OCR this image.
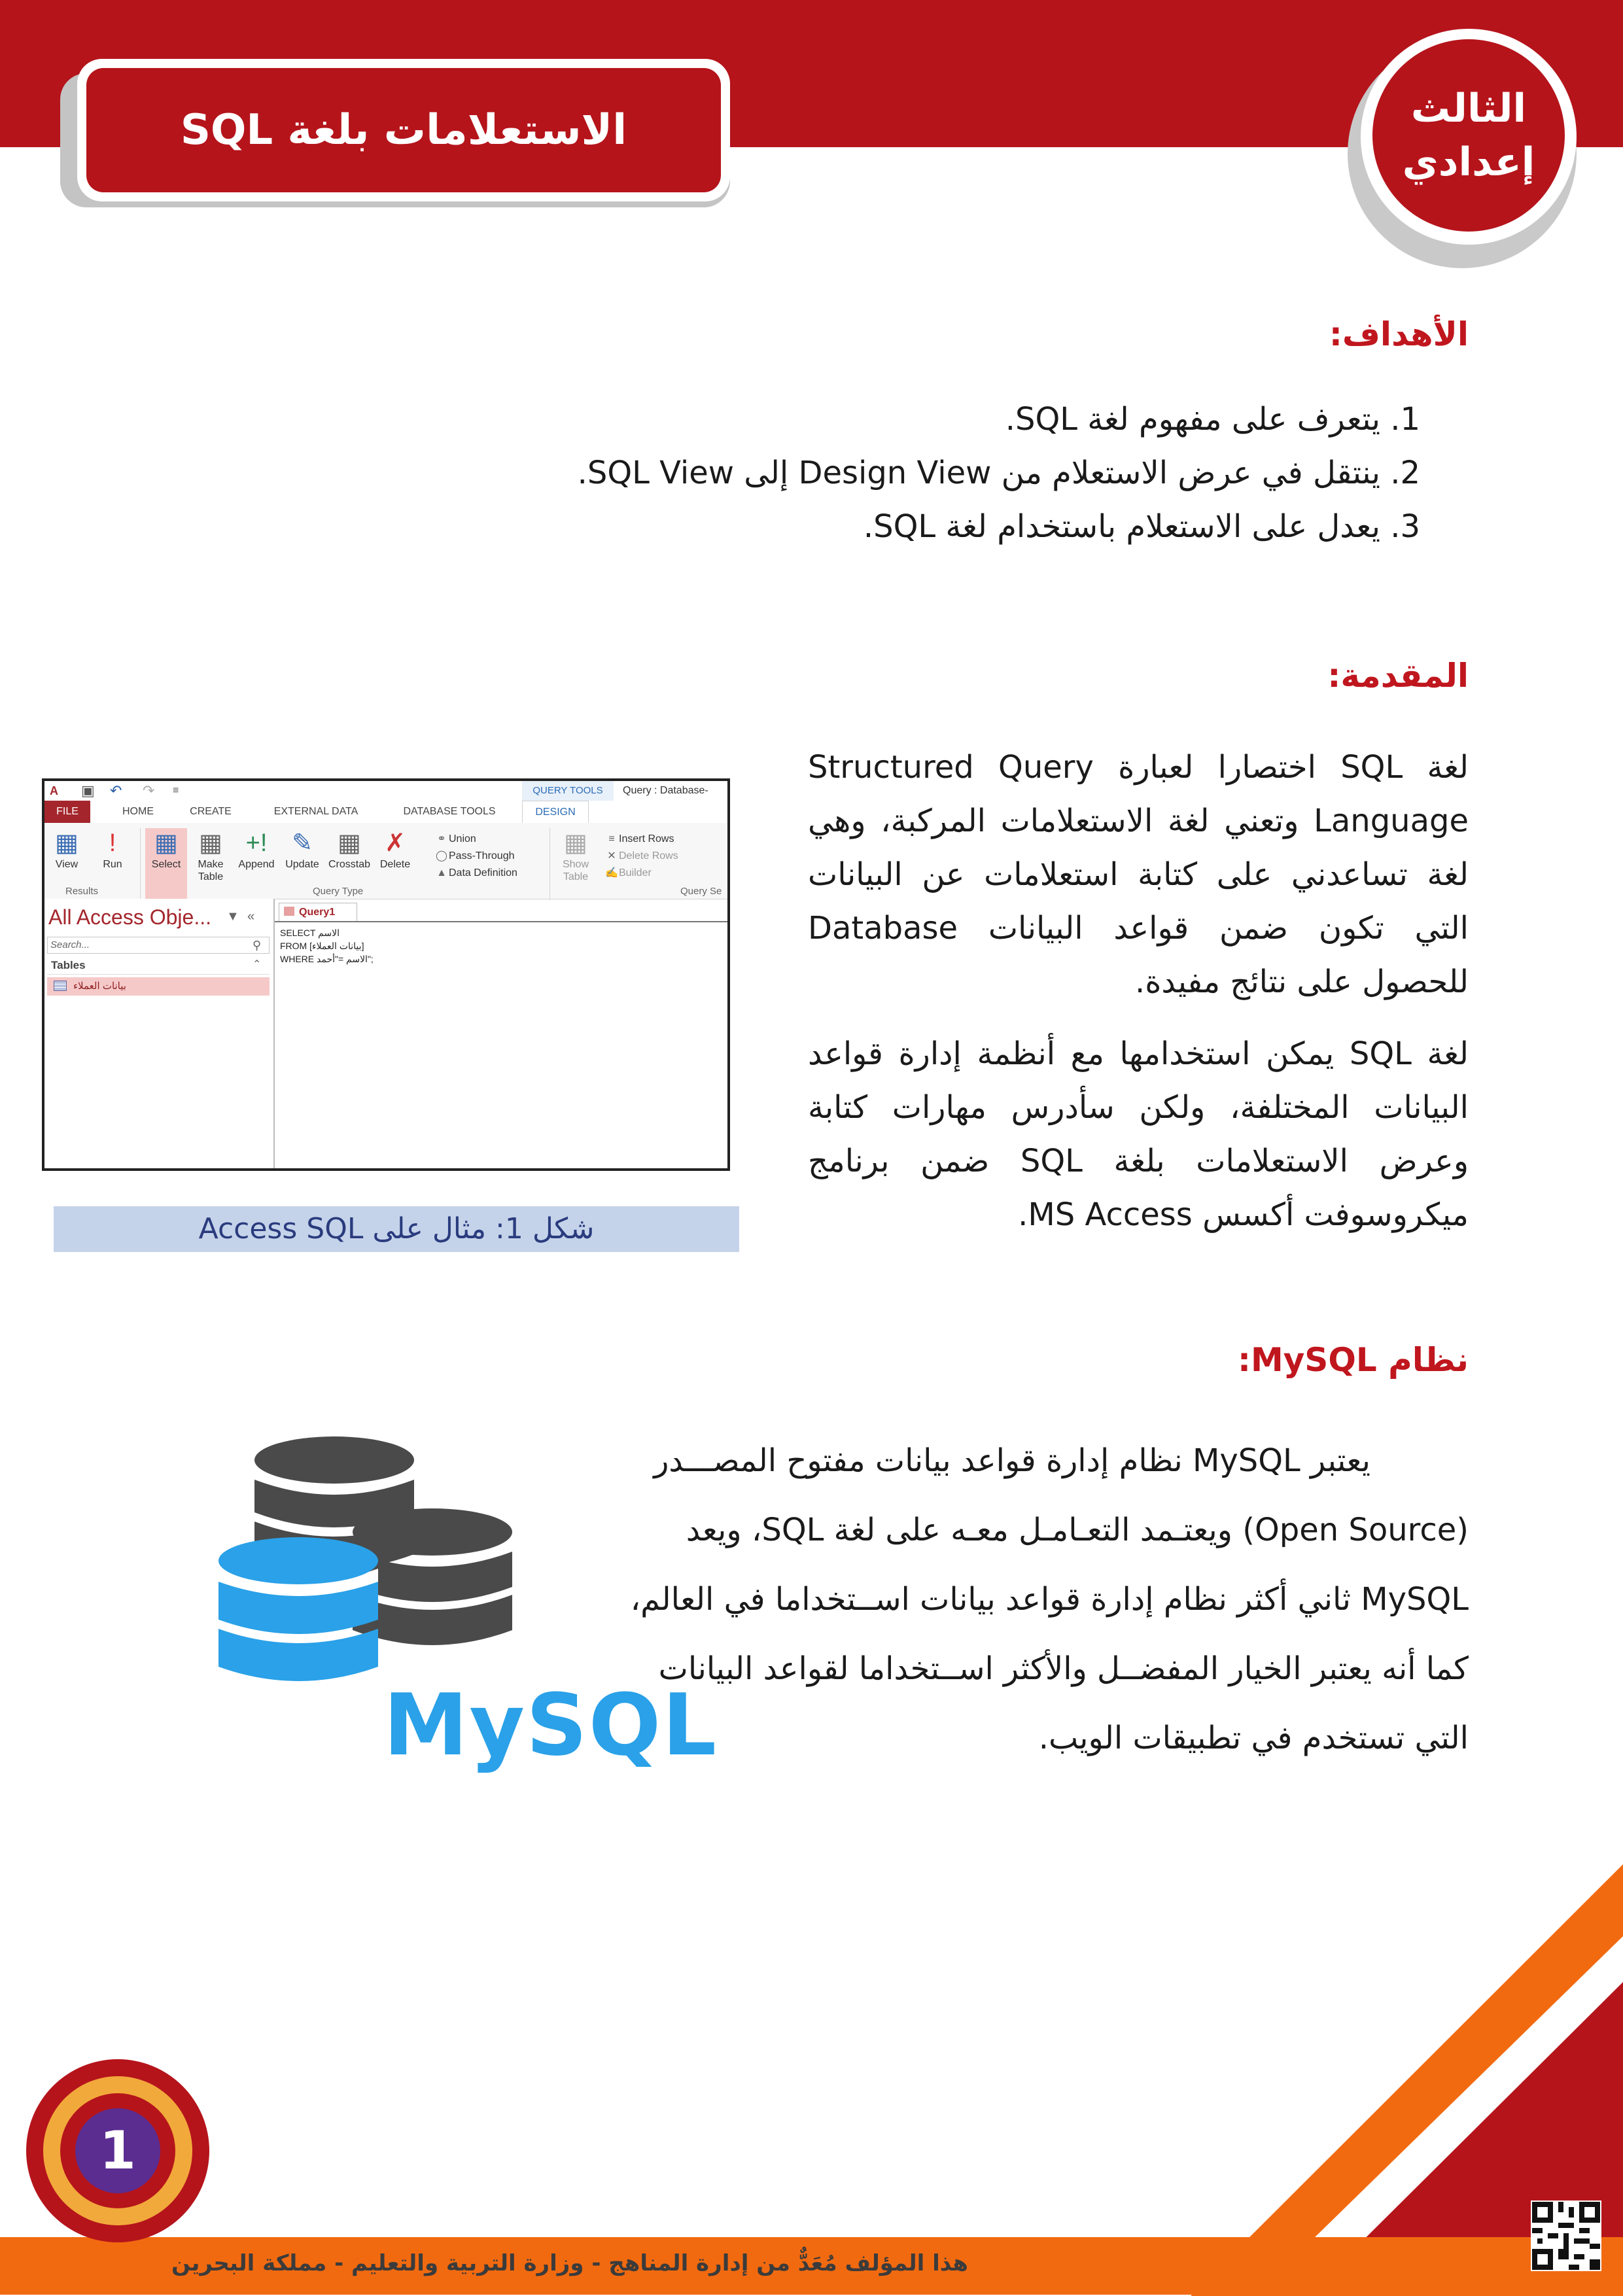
الاستعلامات بلغة SQL	الثالث
إعدادي
الأهداف:
1. يتعرف على مفهوم لغة SQL.
2. ينتقل في عرض الاستعلام من Design View إلى SQL View.
3. يعدل على الاستعلام باستخدام لغة SQL.
المقدمة:
لغة SQL اختصارا لعبارة Structured Query Language وتعني لغة الاستعلامات المركبة، وهي لغة تساعدني على كتابة استعلامات عن البيانات التي تكون ضمن قواعد البيانات Database للحصول على نتائج مفيدة.
لغة SQL يمكن استخدامها مع أنظمة إدارة قواعد البيانات المختلفة، ولكن سأدرس مهارات كتابة وعرض الاستعلامات بلغة SQL ضمن برنامج ميكروسوفت أكسس MS Access.
A	▣ ↶ ↷ ≡	QUERY TOOLS	Query : Database-
FILE	HOME	CREATE	EXTERNAL DATA	DATABASE TOOLS	DESIGN
▦
View
!
Run
▦
Select
▦
Make
Table
+!
Append
✎
Update
▦
Crosstab
✗
Delete
⚭ Union
◯ Pass-Through
▲ Data Definition
▦
Show
Table
≡ Insert Rows
✕ Delete Rows
✍Builder
Results	Query Type	Query Se
All Access Obje... ▼ «
Search...	⚲
Tables	⌃
بيانات العملاء
Query1
SELECT الاسم
FROM [بيانات العملاء]
WHERE الاسم ="أحمد";
شكل 1: مثال على Access SQL
نظام MySQL:
يعتبر MySQL نظام إدارة قواعد بيانات مفتوح المصـــدر
(Open Source) ويعتـمد التعـامـل معـه على لغة SQL، ويعد
MySQL ثاني أكثر نظام إدارة قواعد بيانات اســتخداما في العالم،
كما أنه يعتبر الخيار المفضــل والأكثر اســتخداما لقواعد البيانات
التي تستخدم في تطبيقات الويب.
MySQL
هذا المؤلف مُعَدٌّ من إدارة المناهج - وزارة التربية والتعليم - مملكة البحرين
1
